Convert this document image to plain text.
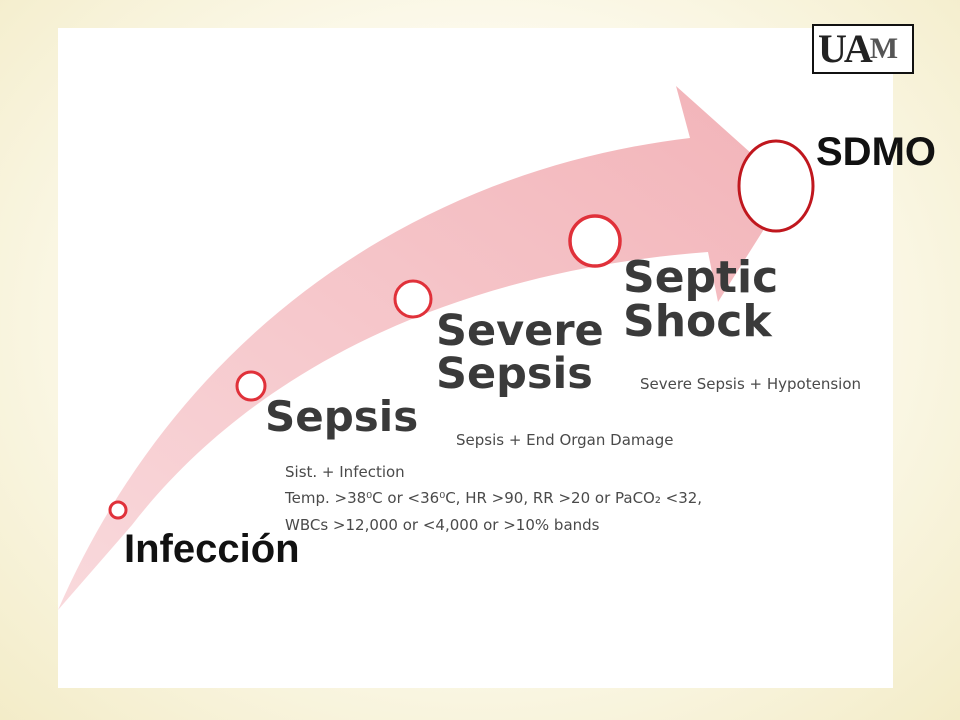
$UA^M$
SDMO
Septic
Shock
Severe Sepsis + Hypotension
Severe
Sepsis
Sepsis + End Organ Damage
Sepsis
Sist. + Infection
Temp. >38⁰C or <36⁰C, HR >90, RR >20 or PaCO₂ <32,
WBCs >12,000 or <4,000 or >10% bands
Infección
